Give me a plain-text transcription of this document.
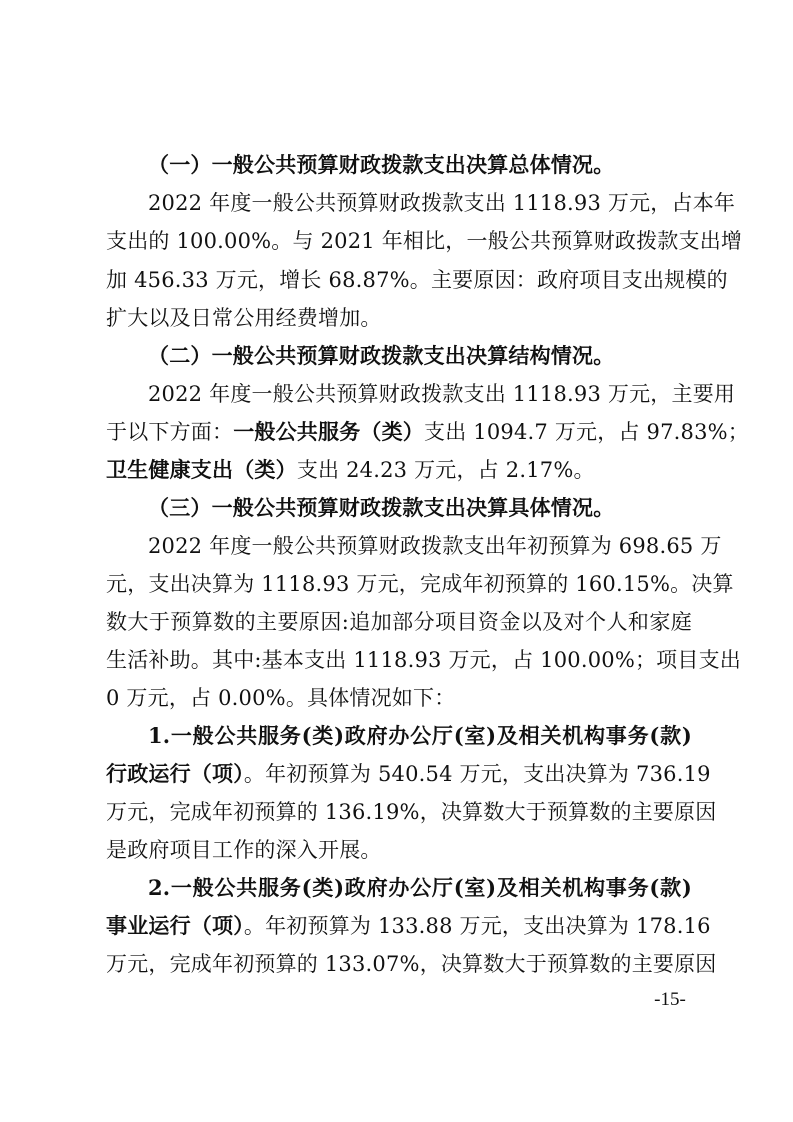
（一）一般公共预算财政拨款支出决算总体情况。
2022 年度一般公共预算财政拨款支出 1118.93 万元，占本年
支出的 100.00%。与 2021 年相比，一般公共预算财政拨款支出增
加 456.33 万元，增长 68.87%。主要原因：政府项目支出规模的
扩大以及日常公用经费增加。
（二）一般公共预算财政拨款支出决算结构情况。
2022 年度一般公共预算财政拨款支出 1118.93 万元，主要用
于以下方面：一般公共服务（类）支出 1094.7 万元，占 97.83%；
卫生健康支出（类）支出 24.23 万元，占 2.17%。
（三）一般公共预算财政拨款支出决算具体情况。
2022 年度一般公共预算财政拨款支出年初预算为 698.65 万
元，支出决算为 1118.93 万元，完成年初预算的 160.15%。决算
数大于预算数的主要原因:追加部分项目资金以及对个人和家庭
生活补助。其中:基本支出 1118.93 万元，占 100.00%；项目支出
0 万元，占 0.00%。具体情况如下：
1.一般公共服务(类)政府办公厅(室)及相关机构事务(款)
行政运行（项）。年初预算为 540.54 万元，支出决算为 736.19
万元，完成年初预算的 136.19%，决算数大于预算数的主要原因
是政府项目工作的深入开展。
2.一般公共服务(类)政府办公厅(室)及相关机构事务(款)
事业运行（项）。年初预算为 133.88 万元，支出决算为 178.16
万元，完成年初预算的 133.07%，决算数大于预算数的主要原因
-15-
